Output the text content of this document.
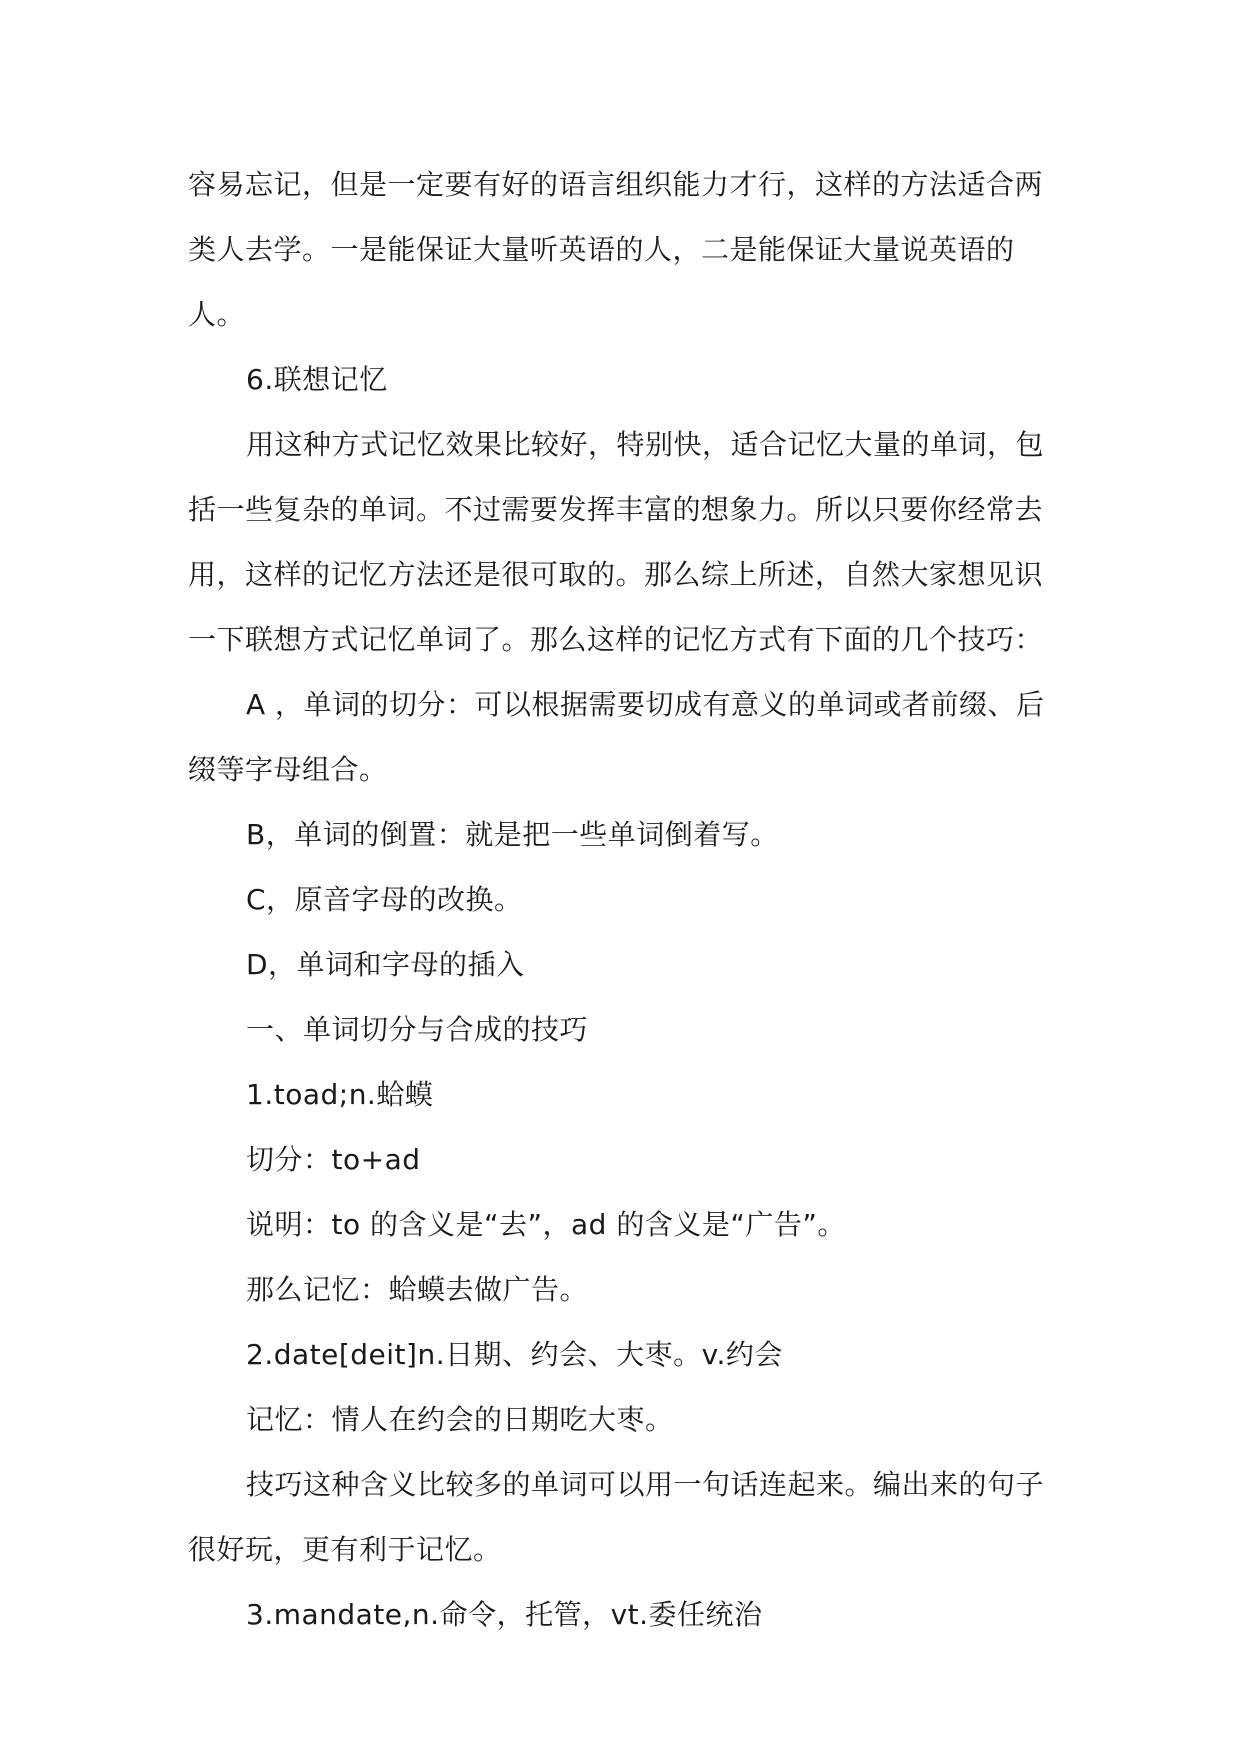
容易忘记，但是一定要有好的语言组织能力才行，这样的方法适合两类人去学。一是能保证大量听英语的人，二是能保证大量说英语的人。

6.联想记忆

用这种方式记忆效果比较好，特别快，适合记忆大量的单词，包括一些复杂的单词。不过需要发挥丰富的想象力。所以只要你经常去用，这样的记忆方法还是很可取的。那么综上所述，自然大家想见识一下联想方式记忆单词了。那么这样的记忆方式有下面的几个技巧：

A ，单词的切分：可以根据需要切成有意义的单词或者前缀、后缀等字母组合。

B，单词的倒置：就是把一些单词倒着写。

C，原音字母的改换。

D，单词和字母的插入

一、单词切分与合成的技巧

1.toad;n.蛤蟆

切分：to+ad

说明：to 的含义是“去”，ad 的含义是“广告”。

那么记忆：蛤蟆去做广告。

2.date[deit]n.日期、约会、大枣。v.约会

记忆：情人在约会的日期吃大枣。

技巧这种含义比较多的单词可以用一句话连起来。编出来的句子很好玩，更有利于记忆。

3.mandate,n.命令，托管，vt.委任统治
